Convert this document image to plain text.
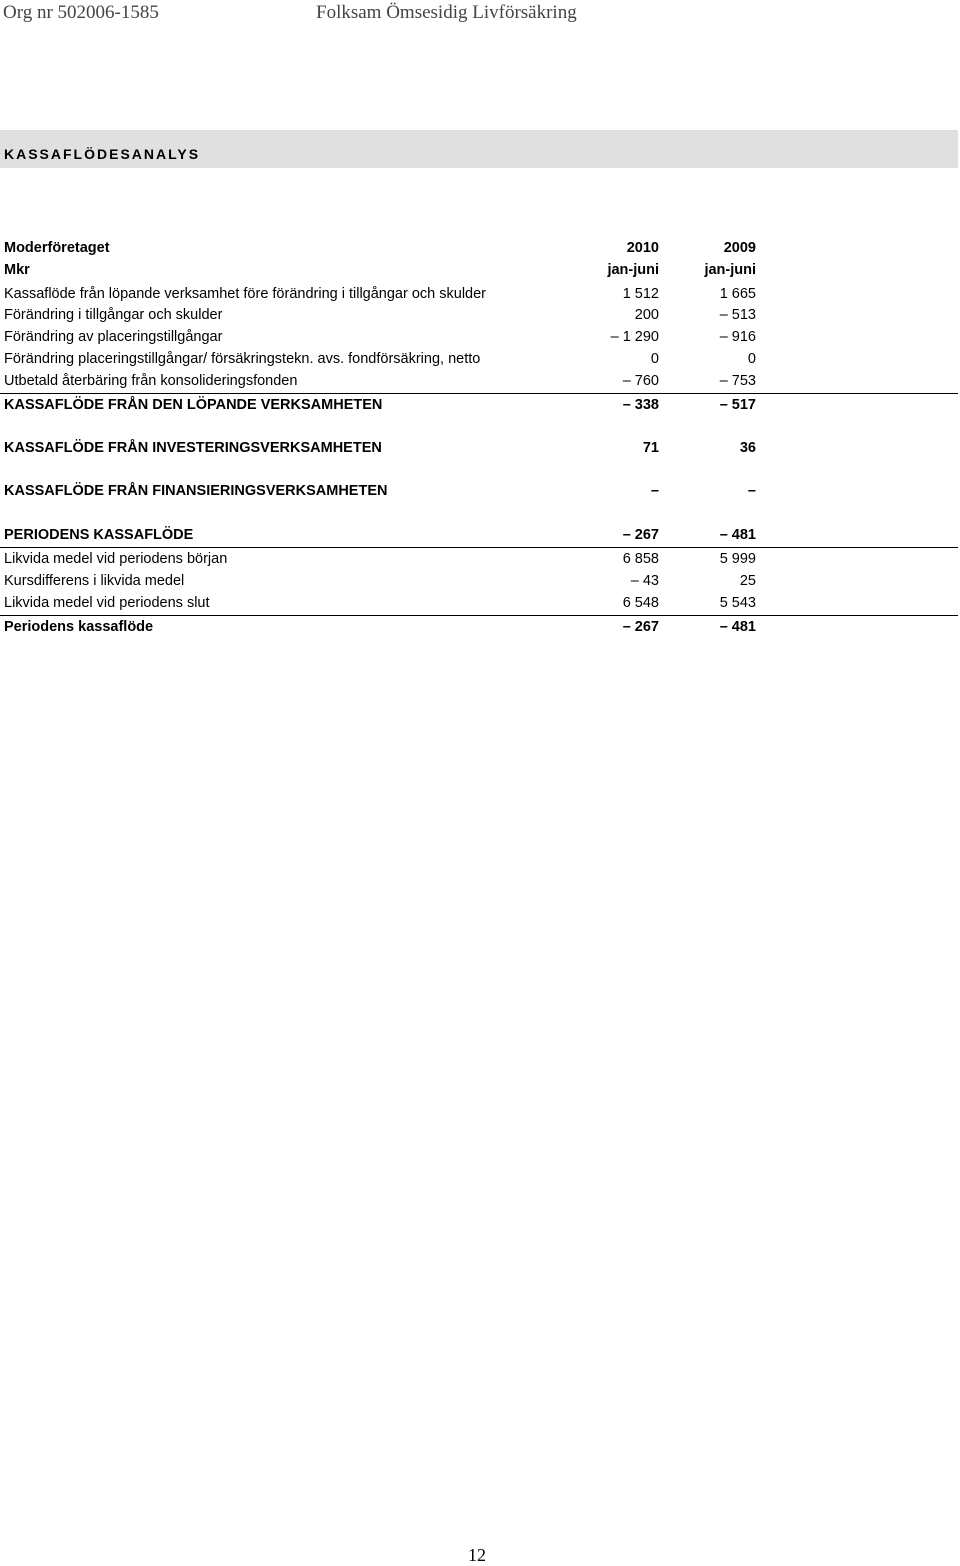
Org nr 502006-1585	Folksam Ömsesidig Livförsäkring
KASSAFLÖDESANALYS
Moderföretaget	2010	2009
Mkr	jan-juni	jan-juni
Kassaflöde från löpande verksamhet före förändring i tillgångar och skulder	1 512	1 665
Förändring i tillgångar och skulder	200	– 513
Förändring av placeringstillgångar	– 1 290	– 916
Förändring placeringstillgångar/ försäkringstekn. avs. fondförsäkring, netto	0	0
Utbetald återbäring från konsolideringsfonden	– 760	– 753
KASSAFLÖDE FRÅN DEN LÖPANDE VERKSAMHETEN	– 338	– 517
KASSAFLÖDE FRÅN INVESTERINGSVERKSAMHETEN	71	36
KASSAFLÖDE FRÅN FINANSIERINGSVERKSAMHETEN	–	–
PERIODENS KASSAFLÖDE	– 267	– 481
Likvida medel vid periodens början	6 858	5 999
Kursdifferens i likvida medel	– 43	25
Likvida medel vid periodens slut	6 548	5 543
Periodens kassaflöde	– 267	– 481
12
